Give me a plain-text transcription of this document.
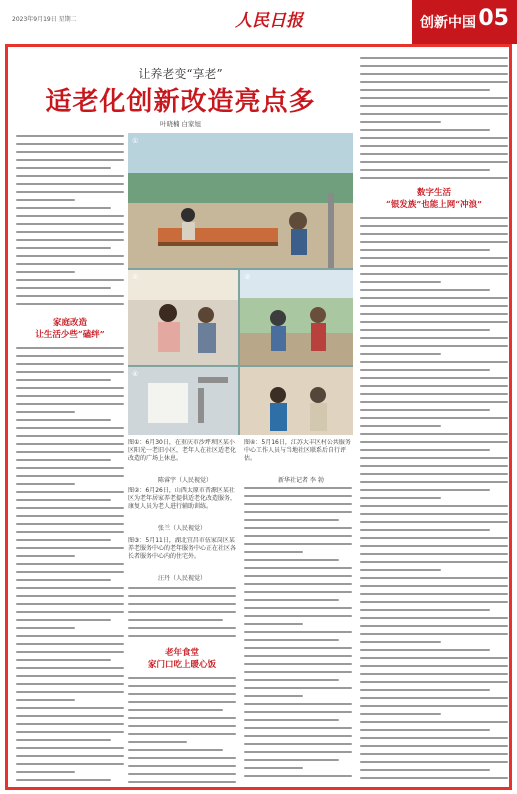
2023年9月19日 星期二	人民日报	创新中国 05
让养老变“享老”
适老化创新改造亮点多
叶晓楠 白家旭
家庭改造
让生活少些“磕绊”
①
②	③
④
图①：6月30日，在重庆市沙坪坝区某小区阳光一老旧小区，老年人在社区适老化改造的广场上休息。
陈睿宇（人民视觉）
图②：6月26日，山西太原市晋源区某社区为老年居家养老提供适老化改造服务，康复人员为老人进行辅助训练。
张兰（人民视觉）
图③：5月11日，湖北宜昌市伍家岗区某养老服务中心的老年服务中心正在社区各长者服务中心内的住宅外。
汪丹（人民视觉）
图④：5月16日，江苏大丰区村公共服务中心工作人员与当地社区联系后自行评估。
新华社记者 李 勃
老年食堂
家门口吃上暖心饭
数字生活
“银发族”也能上网“冲浪”
